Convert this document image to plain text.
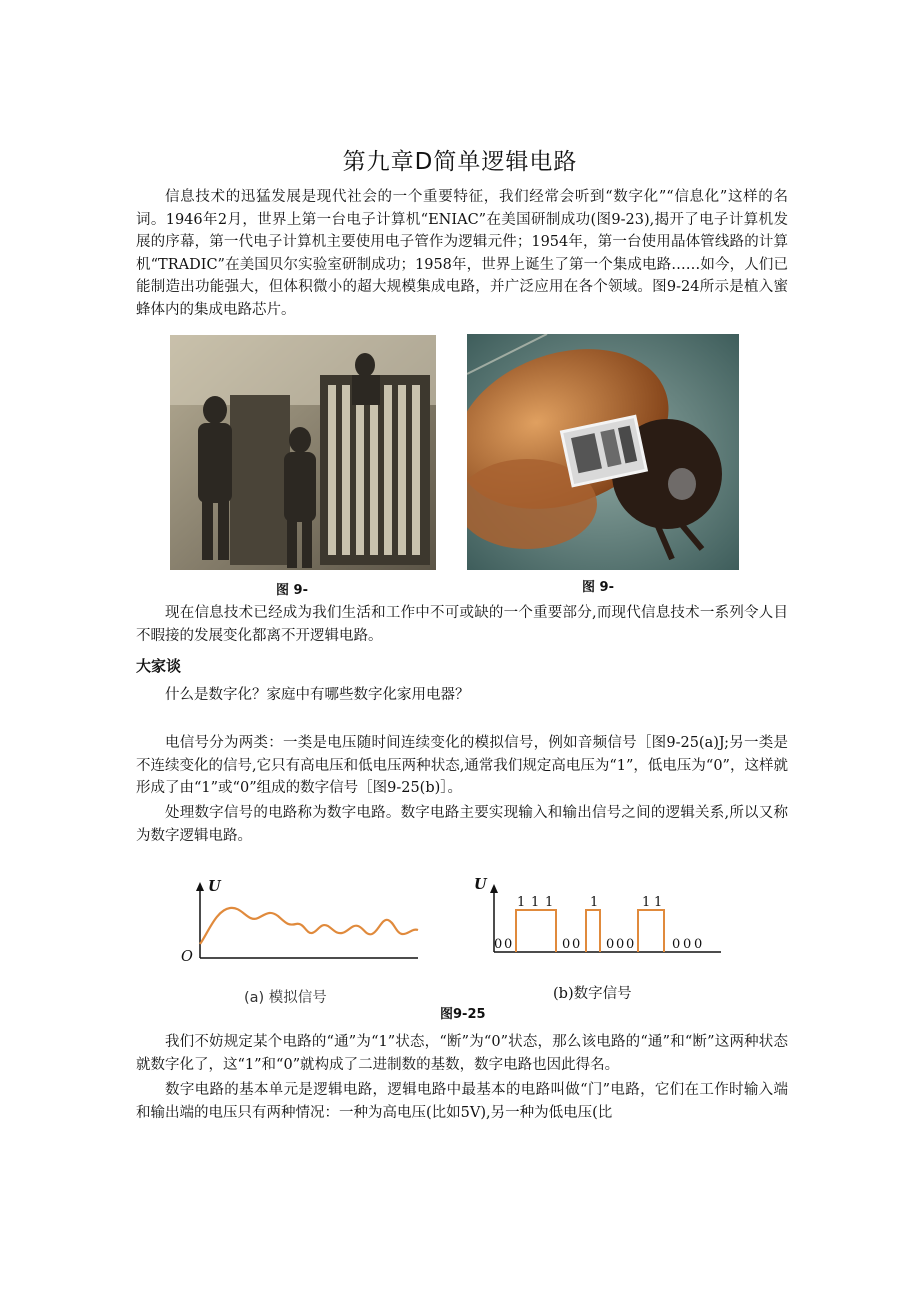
第九章D简单逻辑电路

信息技术的迅猛发展是现代社会的一个重要特征，我们经常会听到“数字化”“信息化”这样的名词。1946年2月，世界上第一台电子计算机“ENIAC”在美国研制成功(图9-23),揭开了电子计算机发展的序幕，第一代电子计算机主要使用电子管作为逻辑元件；1954年，第一台使用晶体管线路的计算机“TRADIC”在美国贝尔实验室研制成功；1958年，世界上诞生了第一个集成电路……如今，人们已能制造出功能强大，但体积微小的超大规模集成电路，并广泛应用在各个领域。图9-24所示是植入蜜蜂体内的集成电路芯片。

图 9-	图 9-

现在信息技术已经成为我们生活和工作中不可或缺的一个重要部分,而现代信息技术一系列令人目不暇接的发展变化都离不开逻辑电路。

大家谈

什么是数字化？家庭中有哪些数字化家用电器？

电信号分为两类：一类是电压随时间连续变化的模拟信号，例如音频信号［图9-25(a)J;另一类是不连续变化的信号,它只有高电压和低电压两种状态,通常我们规定高电压为“1”，低电压为“0”，这样就形成了由“1”或“0”组成的数字信号［图9-25(b)］。

处理数字信号的电路称为数字电路。数字电路主要实现输入和输出信号之间的逻辑关系,所以又称为数字逻辑电路。

U
O
0 0
1 1 1
0 0
1
0 0 0
1 1
0 0 0
U
(a) 模拟信号	(b)数字信号
图9-25

我们不妨规定某个电路的“通”为“1”状态，“断”为“0”状态，那么该电路的“通”和“断”这两种状态就数字化了，这“1”和“0”就构成了二进制数的基数，数字电路也因此得名。

数字电路的基本单元是逻辑电路，逻辑电路中最基本的电路叫做“门”电路，它们在工作时输入端和输出端的电压只有两种情况：一种为高电压(比如5V),另一种为低电压(比
